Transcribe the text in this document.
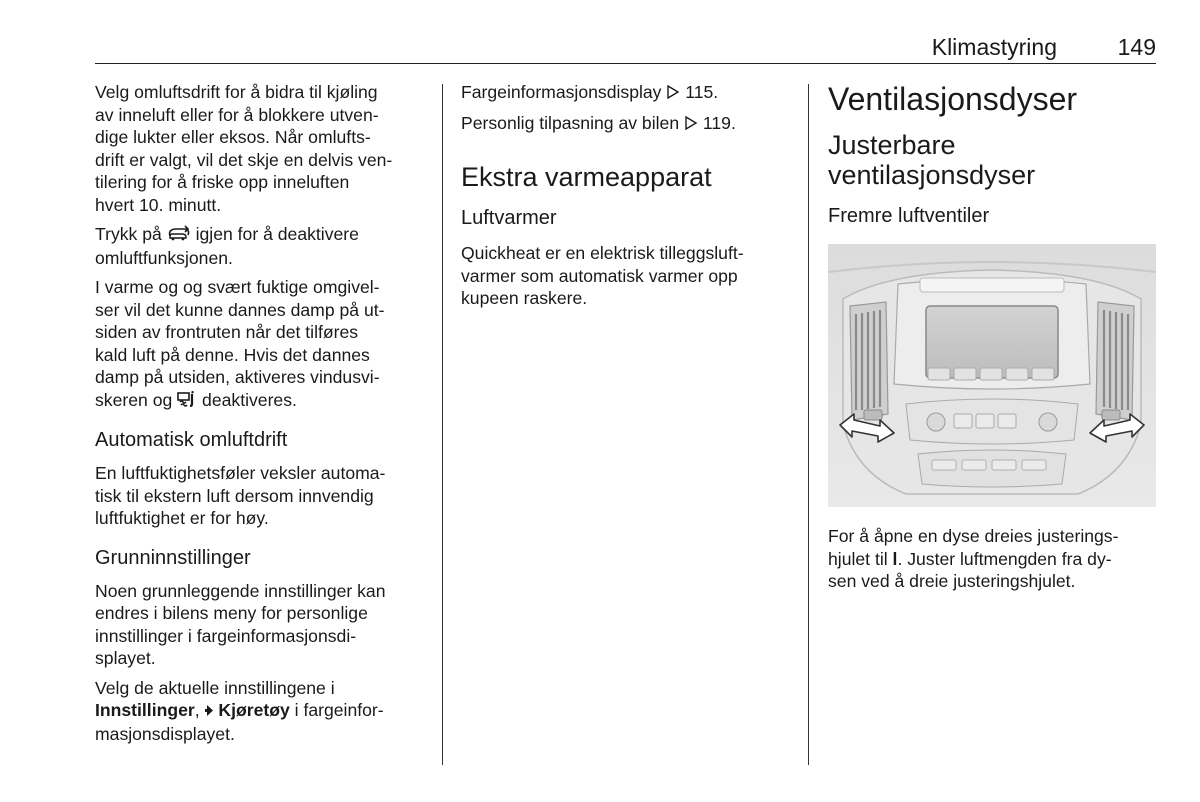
Klimastyring	149

Velg omluftsdrift for å bidra til kjøling
av inneluft eller for å blokkere utven-
dige lukter eller eksos. Når omlufts-
drift er valgt, vil det skje en delvis ven-
tilering for å friske opp inneluften
hvert 10. minutt.

Trykk på igjen for å deaktivere
omluftfunksjonen.

I varme og og svært fuktige omgivel-
ser vil det kunne dannes damp på ut-
siden av frontruten når det tilføres
kald luft på denne. Hvis det dannes
damp på utsiden, aktiveres vindusvi-
skeren og deaktiveres.

Automatisk omluftdrift

En luftfuktighetsføler veksler automa-
tisk til ekstern luft dersom innvendig
luftfuktighet er for høy.

Grunninnstillinger

Noen grunnleggende innstillinger kan
endres i bilens meny for personlige
innstillinger i fargeinformasjonsdi-
splayet.

Velg de aktuelle innstillingene i
Innstillinger, Kjøretøy i fargeinfor-
masjonsdisplayet.

Fargeinformasjonsdisplay 115.

Personlig tilpasning av bilen 119.

Ekstra varmeapparat
Luftvarmer

Quickheat er en elektrisk tilleggsluft-
varmer som automatisk varmer opp
kupeen raskere.

Ventilasjonsdyser
Justerbare
ventilasjonsdyser
Fremre luftventiler

For å åpne en dyse dreies justerings-
hjulet til l. Juster luftmengden fra dy-
sen ved å dreie justeringshjulet.
